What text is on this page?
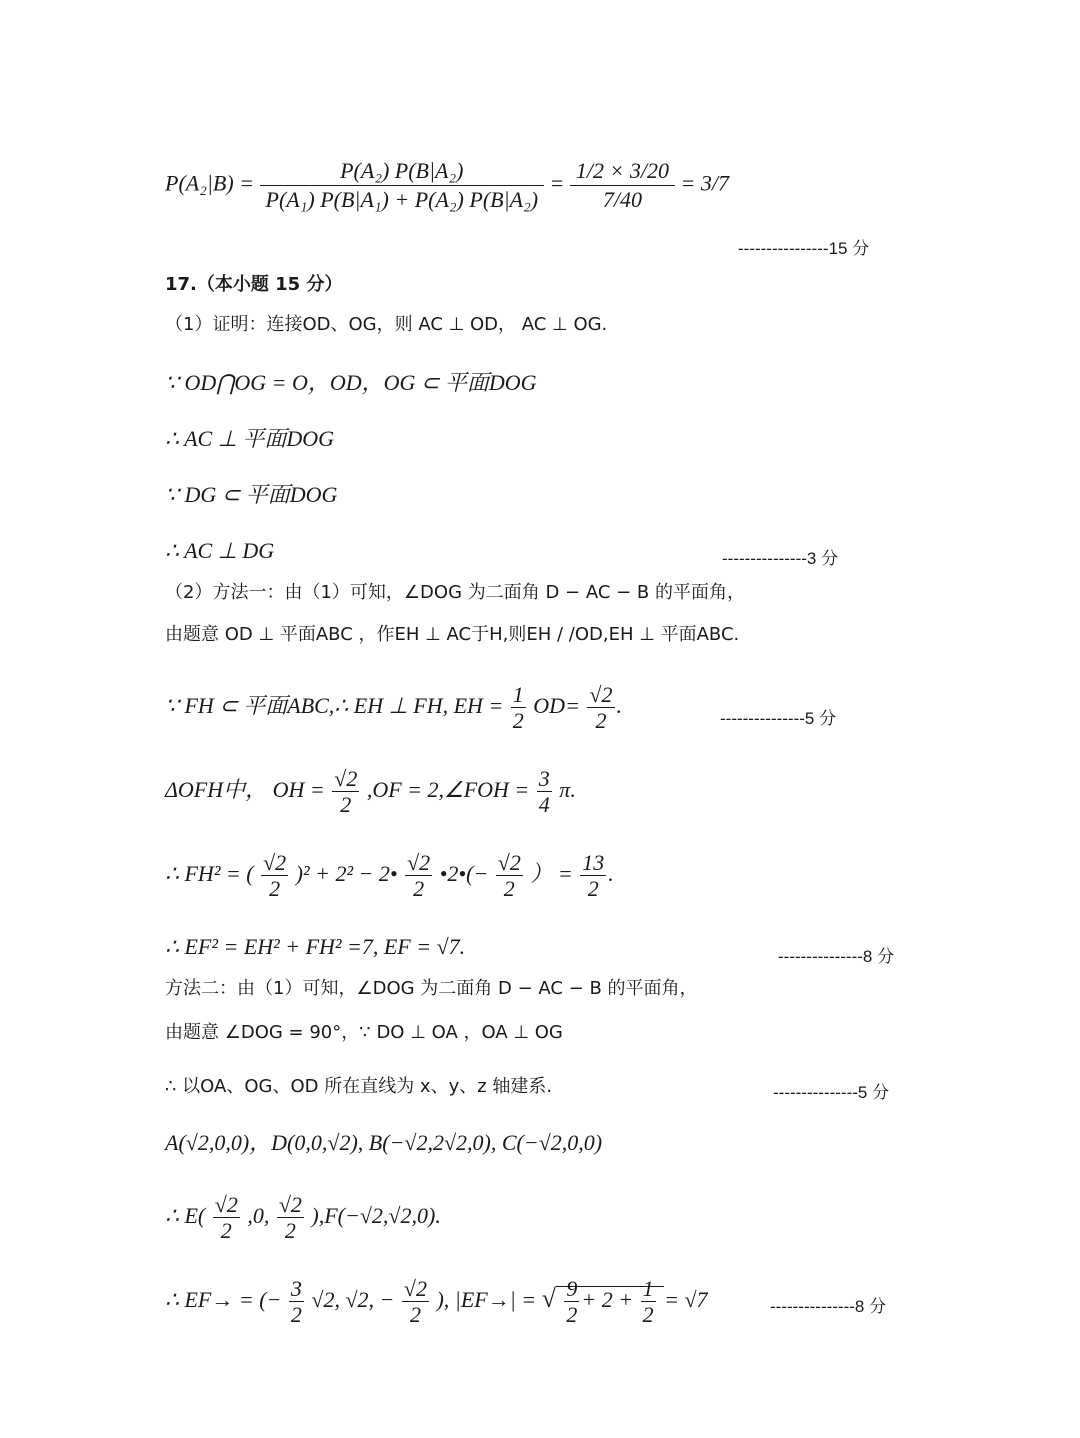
$P(A_2|B) = \frac{\text{P(A₂) P(B|A₂)}}{\text{P(A₁) P(B|A₁) + P(A₂) P(B|A₂)}} = \frac{1/2 \times 3/20}{7/40} = 3/7$
----------------15 分
17.（本小题 15 分）
（1）证明：连接OD、OG，则 AC ⊥ OD， AC ⊥ OG.
∵ OD⋂OG = O，OD，OG ⊂ 平面DOG
∴ AC ⊥ 平面DOG
∵ DG ⊂ 平面DOG
∴ AC ⊥ DG	---------------3 分
（2）方法一：由（1）可知，∠DOG 为二面角 D − AC − B 的平面角，
由题意 OD ⊥ 平面ABC ，作EH ⊥ AC于H,则EH / /OD,EH ⊥ 平面ABC.
∵ FH ⊂ 平面ABC,∴ EH ⊥ FH, EH = $\frac{1}{2} OD= \frac{√2}{2}$ .
---------------5 分
ΔOFH中， OH = $\frac{√2}{2} ,OF$ = 2,∠FOH = $\frac{3}{4} \pi$.
∴ FH² = ( $\frac{√2}{2} )^2 + 2^2$ − 2• $\frac{√2}{2}$ •2•(− $\frac{√2}{2}$ ） = $\frac{13}{2}$ .
∴ EF² = EH² + FH² =7, EF = √7.	---------------8 分
方法二：由（1）可知，∠DOG 为二面角 D − AC − B 的平面角，
由题意 ∠DOG = 90°，∵ DO ⊥ OA ，OA ⊥ OG
∴ 以OA、OG、OD 所在直线为 x、y、z 轴建系.	---------------5 分
A(√2,0,0)，D(0,0,√2), B(−√2,2√2,0), C(−√2,0,0)
∴ $E( \frac{√2}{2} ,0$, $\frac{√2}{2} ),F(-√2,√2,0)$.
∴ EF→ = (− $\frac{3}{2} √2$, √2, − $\frac{√2}{2}$ ), |EF→| = √ $\frac{9}{2} + 2 + \frac{1}{2} = √7$	---------------8 分
